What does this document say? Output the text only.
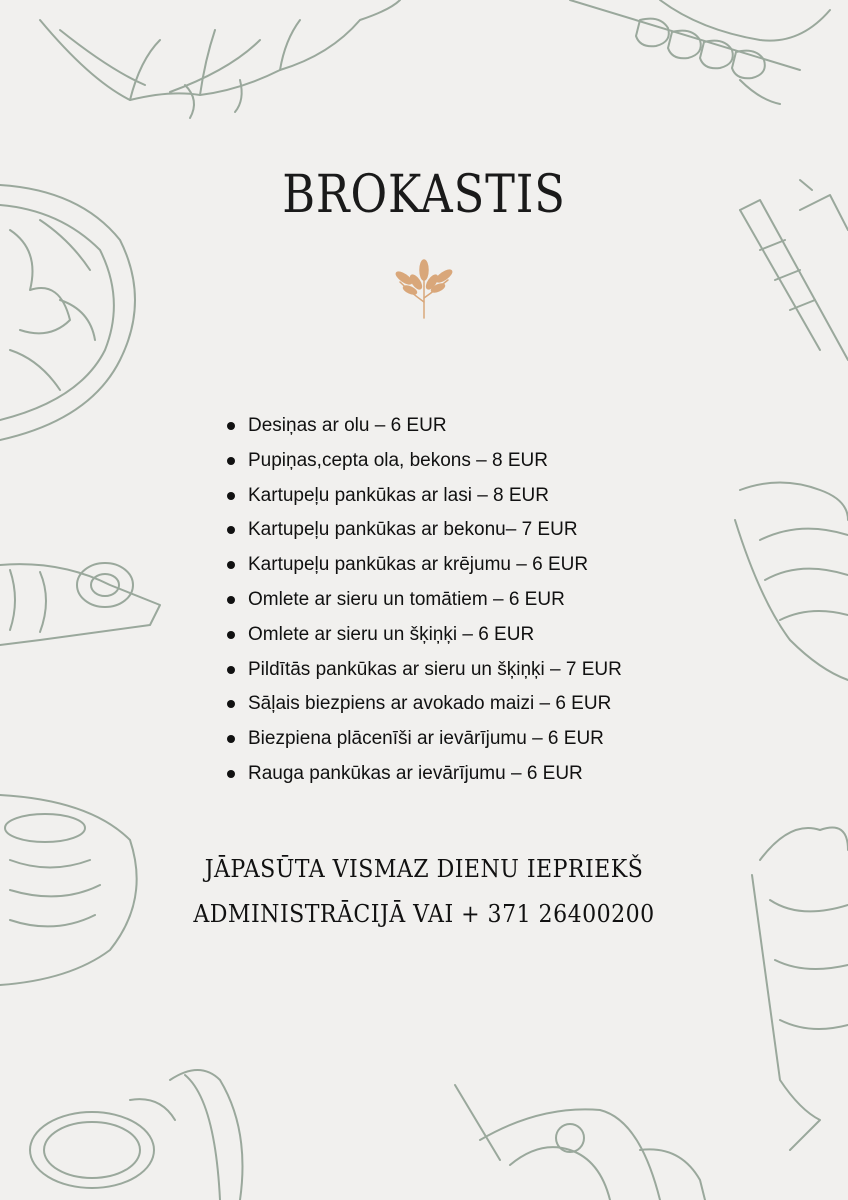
BROKASTIS
Desiņas ar olu – 6 EUR
Pupiņas,cepta ola, bekons – 8 EUR
Kartupeļu pankūkas ar lasi – 8 EUR
Kartupeļu pankūkas ar bekonu– 7 EUR
Kartupeļu pankūkas ar krējumu – 6 EUR
Omlete ar sieru un tomātiem – 6 EUR
Omlete ar sieru un šķiņķi – 6 EUR
Pildītās pankūkas ar sieru un šķiņķi – 7 EUR
Sāļais biezpiens ar avokado maizi – 6 EUR
Biezpiena plācenīši ar ievārījumu – 6 EUR
Rauga pankūkas ar ievārījumu – 6 EUR
JĀPASŪTA VISMAZ DIENU IEPRIEKŠ
ADMINISTRĀCIJĀ VAI + 371 26400200
